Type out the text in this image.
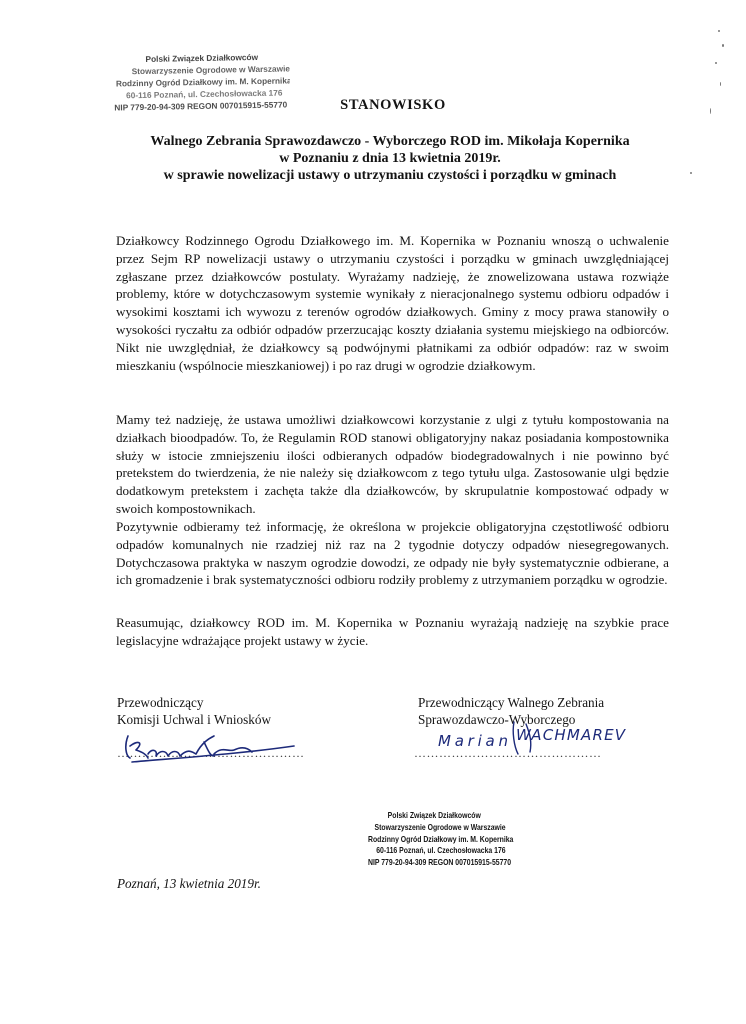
Polski Związek Działkowców
Stowarzyszenie Ogrodowe w Warszawie
Rodzinny Ogród Działkowy im. M. Kopernika
60-116 Poznań, ul. Czechosłowacka 176
NIP 779-20-94-309 REGON 007015915-55770	STANOWISKO
Walnego Zebrania Sprawozdawczo - Wyborczego ROD im. Mikołaja Kopernika
w Poznaniu z dnia 13 kwietnia 2019r.
w sprawie nowelizacji ustawy o utrzymaniu czystości i porządku w gminach

Działkowcy Rodzinnego Ogrodu Działkowego im. M. Kopernika w Poznaniu wnoszą o uchwalenie przez Sejm RP nowelizacji ustawy o utrzymaniu czystości i porządku w gminach uwzględniającej zgłaszane przez działkowców postulaty. Wyrażamy nadzieję, że znowelizowana ustawa rozwiąże problemy, które w dotychczasowym systemie wynikały z nieracjonalnego systemu odbioru odpadów i wysokimi kosztami ich wywozu z terenów ogrodów działkowych. Gminy z mocy prawa stanowiły o wysokości ryczałtu za odbiór odpadów przerzucając koszty działania systemu miejskiego na odbiorców. Nikt nie uwzględniał, że działkowcy są podwójnymi płatnikami za odbiór odpadów: raz w swoim mieszkaniu (wspólnocie mieszkaniowej) i po raz drugi w ogrodzie działkowym.

Mamy też nadzieję, że ustawa umożliwi działkowcowi korzystanie z ulgi z tytułu kompostowania na działkach bioodpadów. To, że Regulamin ROD stanowi obligatoryjny nakaz posiadania kompostownika służy w istocie zmniejszeniu ilości odbieranych odpadów biodegradowalnych i nie powinno być pretekstem do twierdzenia, że nie należy się działkowcom z tego tytułu ulga. Zastosowanie ulgi będzie dodatkowym pretekstem i zachęta także dla działkowców, by skrupulatnie kompostować odpady w swoich kompostownikach.

Pozytywnie odbieramy też informację, że określona w projekcie obligatoryjna częstotliwość odbioru odpadów komunalnych nie rzadziej niż raz na 2 tygodnie dotyczy odpadów niesegregowanych. Dotychczasowa praktyka w naszym ogrodzie dowodzi, ze odpady nie były systematycznie odbierane, a ich gromadzenie i brak systematyczności odbioru rodziły problemy z utrzymaniem porządku w ogrodzie.

Reasumując, działkowcy ROD im. M. Kopernika w Poznaniu wyrażają nadzieję na szybkie prace legislacyjne wdrażające projekt ustawy w życie.

Przewodniczący
Komisji Uchwal i Wniosków
Przewodniczący Walnego Zebrania
Sprawozdawczo-Wyborczego
………………………………………	………………………………………
Marian WACHMAREV
Polski Związek Działkowców
Stowarzyszenie Ogrodowe w Warszawie
Rodzinny Ogród Działkowy im. M. Kopernika
60-116 Poznań, ul. Czechosłowacka 176
NIP 779-20-94-309 REGON 007015915-55770
Poznań, 13 kwietnia 2019r.
